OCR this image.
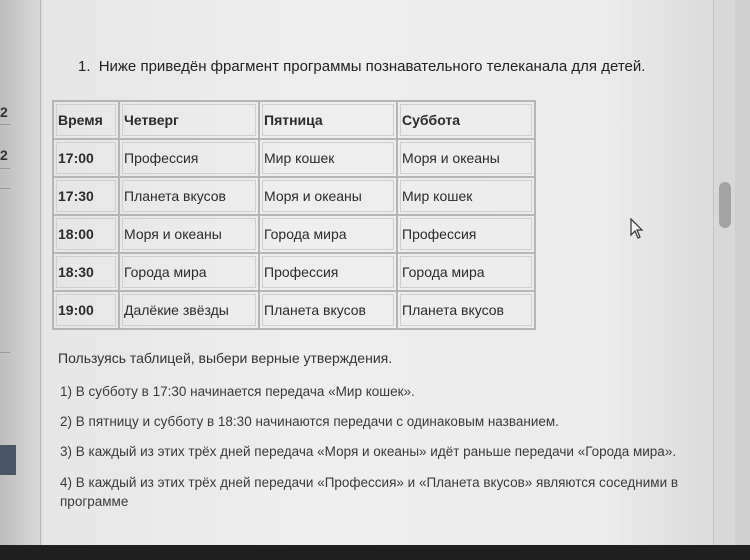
2
2
1. Ниже приведён фрагмент программы познавательного телеканала для детей.
Время	Четверг	Пятница	Суббота
17:00	Профессия	Мир кошек	Моря и океаны
17:30	Планета вкусов	Моря и океаны	Мир кошек
18:00	Моря и океаны	Города мира	Профессия
18:30	Города мира	Профессия	Города мира
19:00	Далёкие звёзды	Планета вкусов	Планета вкусов
Пользуясь таблицей, выбери верные утверждения.
1) В субботу в 17:30 начинается передача «Мир кошек».
2) В пятницу и субботу в 18:30 начинаются передачи с одинаковым названием.
3) В каждый из этих трёх дней передача «Моря и океаны» идёт раньше передачи «Города мира».
4) В каждый из этих трёх дней передачи «Профессия» и «Планета вкусов» являются соседними в программе
